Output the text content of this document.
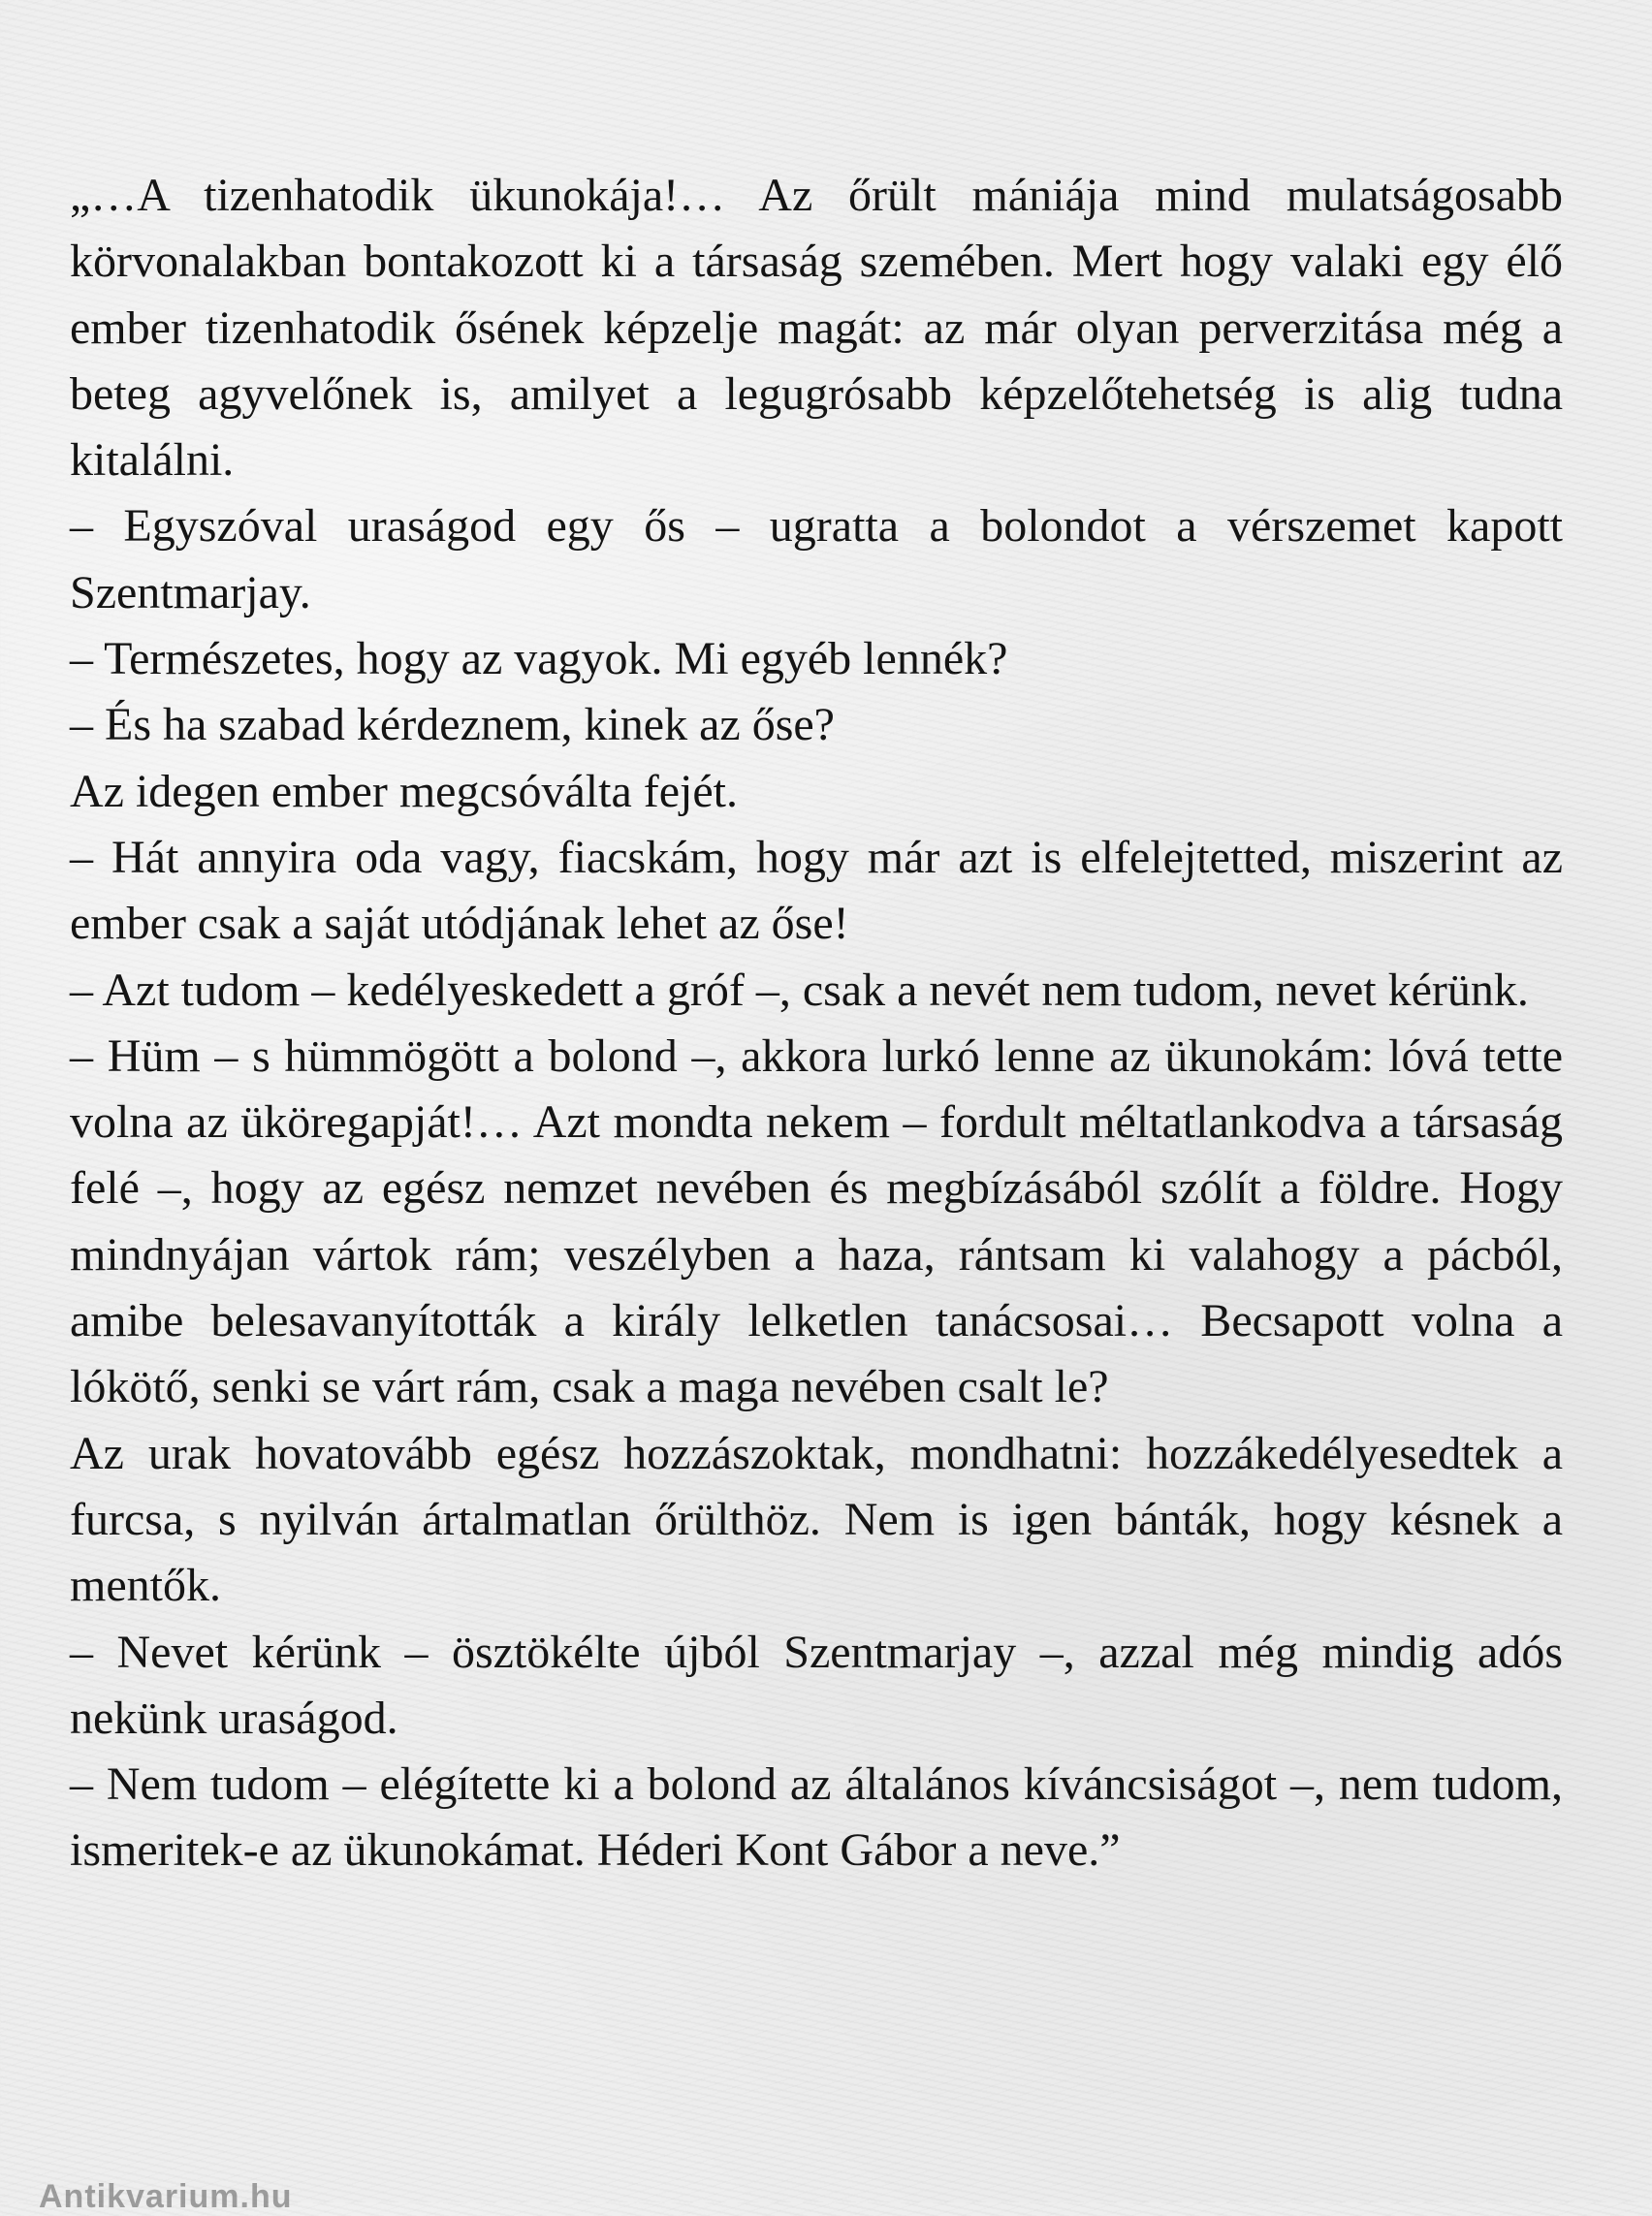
„…A tizenhatodik ükunokája!… Az őrült mániája mind mulatságosabb körvonalakban bontakozott ki a társaság szemében. Mert hogy valaki egy élő ember tizenhatodik ősének képzelje magát: az már olyan perverzitása még a beteg agyvelőnek is, amilyet a legugrósabb képzelőtehetség is alig tudna kitalálni.

– Egyszóval uraságod egy ős – ugratta a bolondot a vérszemet kapott Szentmarjay.

– Természetes, hogy az vagyok. Mi egyéb lennék?

– És ha szabad kérdeznem, kinek az őse?

Az idegen ember megcsóválta fejét.

– Hát annyira oda vagy, fiacskám, hogy már azt is elfelejtetted, miszerint az ember csak a saját utódjának lehet az őse!

– Azt tudom – kedélyeskedett a gróf –, csak a nevét nem tudom, nevet kérünk.

– Hüm – s hümmögött a bolond –, akkora lurkó lenne az ükunokám: lóvá tette volna az üköregapját!… Azt mondta nekem – fordult méltatlankodva a társaság felé –, hogy az egész nemzet nevében és megbízásából szólít a földre. Hogy mindnyájan vártok rám; veszélyben a haza, rántsam ki valahogy a pácból, amibe belesavanyították a király lelketlen tanácsosai… Becsapott volna a lókötő, senki se várt rám, csak a maga nevében csalt le?

Az urak hovatovább egész hozzászoktak, mondhatni: hozzákedélyesedtek a furcsa, s nyilván ártalmatlan őrülthöz. Nem is igen bánták, hogy késnek a mentők.

– Nevet kérünk – ösztökélte újból Szentmarjay –, azzal még mindig adós nekünk uraságod.

– Nem tudom – elégítette ki a bolond az általános kíváncsiságot –, nem tudom, ismeritek-e az ükunokámat. Héderi Kont Gábor a neve.”

Antikvarium.hu
